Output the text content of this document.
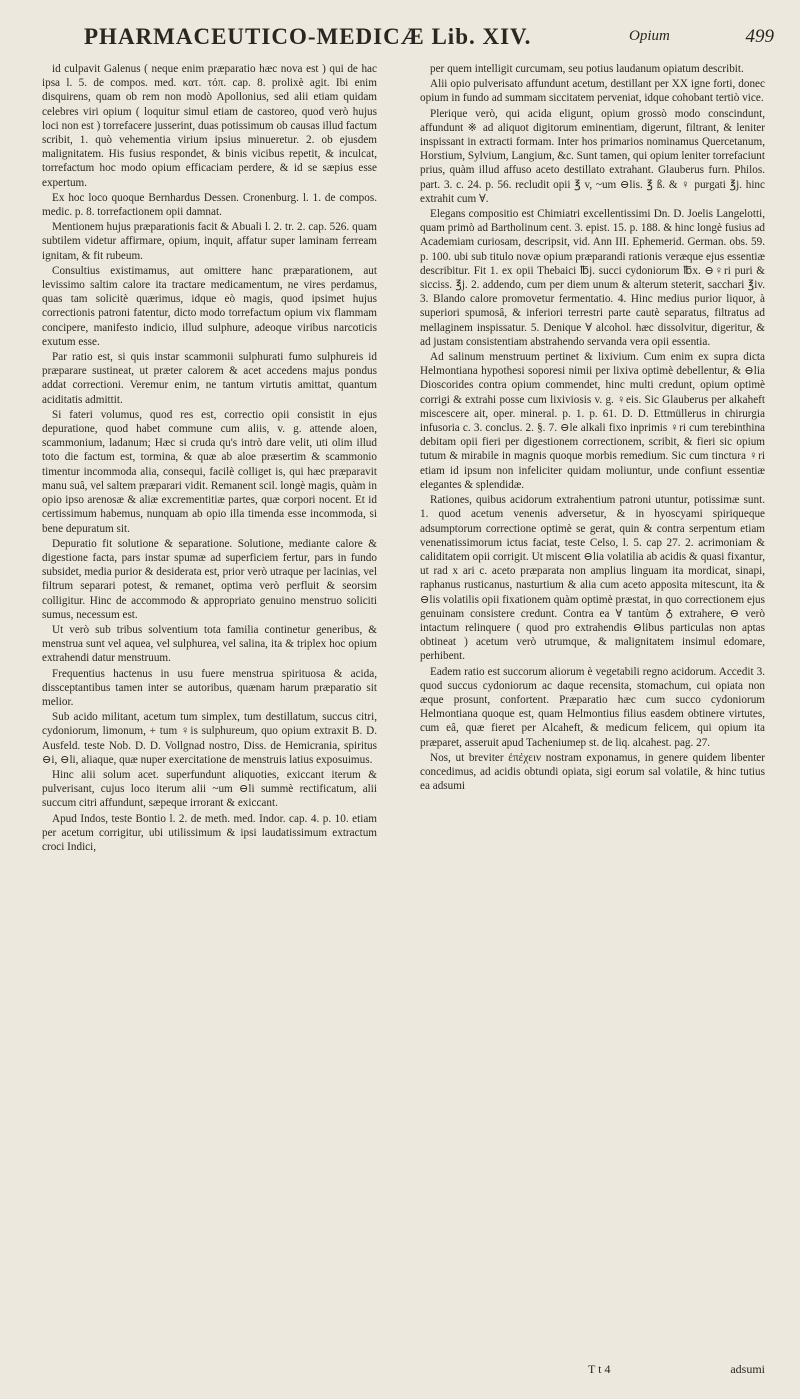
PHARMACEUTICO-MEDICÆ Lib. XIV.	Opium	499

id culpavit Galenus ( neque enim præparatio hæc nova est ) qui de hac ipsa l. 5. de compos. med. κατ. τόπ. cap. 8. prolixè agit. Ibi enim disquirens, quam ob rem non modò Apollonius, sed alii etiam quidam celebres viri opium ( loquitur simul etiam de castoreo, quod verò hujus loci non est ) torrefacere jusserint, duas potissimum ob causas illud factum scribit, 1. quò vehementia virium ipsius minueretur. 2. ob ejusdem malignitatem. His fusius respondet, & binis vicibus repetit, & inculcat, torrefactum hoc modo opium efficaciam perdere, & id se sæpius esse expertum.

Ex hoc loco quoque Bernhardus Dessen. Cronenburg. l. 1. de compos. medic. p. 8. torrefactionem opii damnat.

Mentionem hujus præparationis facit & Abuali l. 2. tr. 2. cap. 526. quam subtilem videtur affirmare, opium, inquit, affatur super laminam ferream ignitam, & fit rubeum.

Consultius existimamus, aut omittere hanc præparationem, aut levissimo saltim calore ita tractare medicamentum, ne vires perdamus, quas tam solicitè quærimus, idque eò magis, quod ipsimet hujus correctionis patroni fatentur, dicto modo torrefactum opium vix flammam concipere, manifesto indicio, illud sulphure, adeoque viribus narcoticis exutum esse.

Par ratio est, si quis instar scammonii sulphurati fumo sulphureis id præparare sustineat, ut præter calorem & acet accedens majus pondus addat correctioni. Veremur enim, ne tantum virtutis amittat, quantum aciditatis admittit.

Si fateri volumus, quod res est, correctio opii consistit in ejus depuratione, quod habet commune cum aliis, v. g. attende aloen, scammonium, ladanum; Hæc si cruda qu's intrò dare velit, uti olim illud toto die factum est, tormina, & quæ ab aloe præsertim & scammonio timentur incommoda alia, consequi, facilè colliget is, qui hæc præparavit manu suâ, vel saltem præparari vidit. Remanent scil. longè magis, quàm in opio ipso arenosæ & aliæ excrementitiæ partes, quæ corpori nocent. Et id certissimum habemus, nunquam ab opio illa timenda esse incommoda, si bene depuratum sit.

Depuratio fit solutione & separatione. Solutione, mediante calore & digestione facta, pars instar spumæ ad superficiem fertur, pars in fundo subsidet, media purior & desiderata est, prior verò utraque per lacinias, vel filtrum separari potest, & remanet, optima verò perfluit & seorsim colligitur. Hinc de accommodo & appropriato genuino menstruo soliciti sumus, necessum est.

Ut verò sub tribus solventium tota familia continetur generibus, & menstrua sunt vel aquea, vel sulphurea, vel salina, ita & triplex hoc opium extrahendi datur menstruum.

Frequentius hactenus in usu fuere menstrua spirituosa & acida, dissceptantibus tamen inter se autoribus, quænam harum præparatio sit melior.

Sub acido militant, acetum tum simplex, tum destillatum, succus citri, cydoniorum, limonum, + tum ♀is sulphureum, quo opium extraxit B. D. Ausfeld. teste Nob. D. D. Vollgnad nostro, Diss. de Hemicrania, spiritus ⊖i, ⊖li, aliaque, quæ nuper exercitatione de menstruis latius exposuimus.

Hinc alii solum acet. superfundunt aliquoties, exiccant iterum & pulverisant, cujus loco iterum alii ~um ⊖li summè rectificatum, alii succum citri affundunt, sæpeque irrorant & exiccant.

Apud Indos, teste Bontio l. 2. de meth. med. Indor. cap. 4. p. 10. etiam per acetum corrigitur, ubi utilissimum & ipsi laudatissimum extractum croci Indici,

per quem intelligit curcumam, seu potius laudanum opiatum describit.

Alii opio pulverisato affundunt acetum, destillant per XX igne forti, donec opium in fundo ad summam siccitatem perveniat, idque cohobant tertiò vice.

Plerique verò, qui acida eligunt, opium grossò modo conscindunt, affundunt ※ ad aliquot digitorum eminentiam, digerunt, filtrant, & leniter inspissant in extracti formam. Inter hos primarios nominamus Quercetanum, Horstium, Sylvium, Langium, &c. Sunt tamen, qui opium leniter torrefaciunt prius, quàm illud affuso aceto destillato extrahant. Glauberus furn. Philos. part. 3. c. 24. p. 56. recludit opii ℥ v, ~um ⊖lis. ℥ ß. & ♀ purgati ℥j. hinc extrahit cum ∀.

Elegans compositio est Chimiatri excellentissimi Dn. D. Joelis Langelotti, quam primò ad Bartholinum cent. 3. epist. 15. p. 188. & hinc longè fusius ad Academiam curiosam, descripsit, vid. Ann III. Ephemerid. German. obs. 59. p. 100. ubi sub titulo novæ opium præparandi rationis veræque ejus essentiæ describitur. Fit 1. ex opii Thebaici ℔j. succi cydoniorum ℔x. ⊖♀ri puri & sicciss. ℥j. 2. addendo, cum per diem unum & alterum steterit, sacchari ℥iv. 3. Blando calore promovetur fermentatio. 4. Hinc medius purior liquor, à superiori spumosâ, & inferiori terrestri parte cautè separatus, filtratus ad mellaginem inspissatur. 5. Denique ∀ alcohol. hæc dissolvitur, digeritur, & ad justam consistentiam abstrahendo servanda vera opii essentia.

Ad salinum menstruum pertinet & lixivium. Cum enim ex supra dicta Helmontiana hypothesi soporesi nimii per lixiva optimè debellentur, & ⊖lia Dioscorides contra opium commendet, hinc multi credunt, opium optimè corrigi & extrahi posse cum lixiviosis v. g. ♀eis. Sic Glauberus per alkaheft miscescere ait, oper. mineral. p. 1. p. 61. D. D. Ettmüllerus in chirurgia infusoria c. 3. conclus. 2. §. 7. ⊖le alkali fixo inprimis ♀ri cum terebinthina debitam opii fieri per digestionem correctionem, scribit, & fieri sic opium tutum & mirabile in magnis quoque morbis remedium. Sic cum tinctura ♀ri etiam id ipsum non infeliciter quidam moliuntur, unde confiunt essentiæ elegantes & splendidæ.

Rationes, quibus acidorum extrahentium patroni utuntur, potissimæ sunt. 1. quod acetum venenis adversetur, & in hyoscyami spiriqueque adsumptorum correctione optimè se gerat, quin & contra serpentum etiam venenatissimorum ictus faciat, teste Celso, l. 5. cap 27. 2. acrimoniam & caliditatem opii corrigit. Ut miscent ⊖lia volatilia ab acidis & quasi fixantur, ut rad x ari c. aceto præparata non amplius linguam ita mordicat, sinapi, raphanus rusticanus, nasturtium & alia cum aceto apposita mitescunt, ita & ⊖lis volatilis opii fixationem quàm optimè præstat, in quo correctionem ejus genuinam consistere credunt. Contra ea ∀ tantùm ♁ extrahere, ⊖ verò intactum relinquere ( quod pro extrahendis ⊖libus particulas non aptas obtineat ) acetum verò utrumque, & malignitatem insimul edomare, perhibent.

Eadem ratio est succorum aliorum è vegetabili regno acidorum. Accedit 3. quod succus cydoniorum ac daque recensita, stomachum, cui opiata non æque prosunt, confortent. Præparatio hæc cum succo cydoniorum Helmontiana quoque est, quam Helmontius filius easdem obtinere virtutes, cum eâ, quæ fieret per Alcaheft, & medicum felicem, qui opium ita præparet, asseruit apud Tacheniumep st. de liq. alcahest. pag. 27.

Nos, ut breviter ἐπέχειν nostram exponamus, in genere quidem libenter concedimus, ad acidis obtundi opiata, sigi eorum sal volatile, & hinc tutius ea adsumi

T t 4	adsumi
